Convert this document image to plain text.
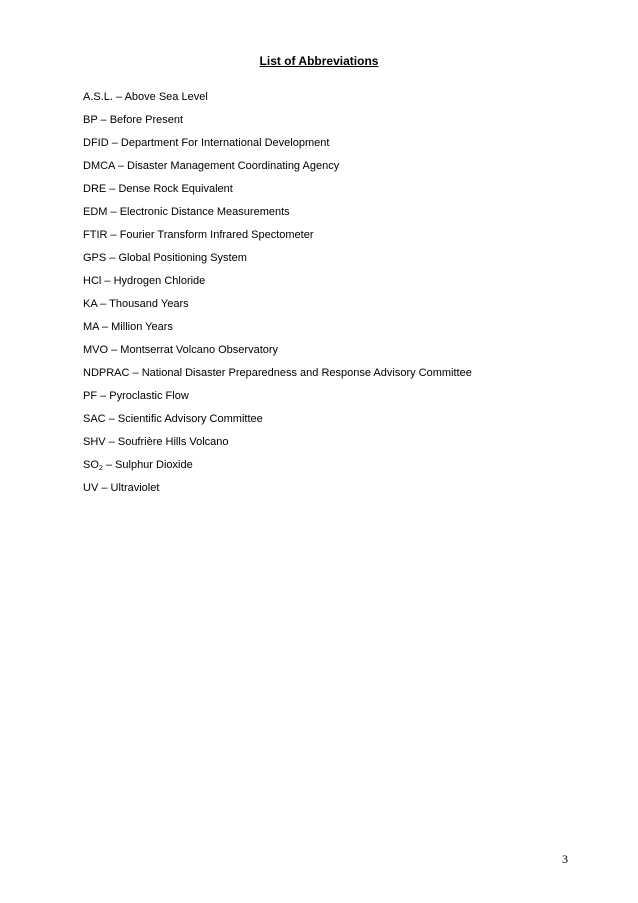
List of Abbreviations
A.S.L. – Above Sea Level
BP – Before Present
DFID – Department For International Development
DMCA – Disaster Management Coordinating Agency
DRE – Dense Rock Equivalent
EDM – Electronic Distance Measurements
FTIR – Fourier Transform Infrared Spectometer
GPS – Global Positioning System
HCl – Hydrogen Chloride
KA – Thousand Years
MA – Million Years
MVO – Montserrat Volcano Observatory
NDPRAC – National Disaster Preparedness and Response Advisory Committee
PF – Pyroclastic Flow
SAC – Scientific Advisory Committee
SHV – Soufrière Hills Volcano
$SO_2$ – Sulphur Dioxide
UV – Ultraviolet
3
